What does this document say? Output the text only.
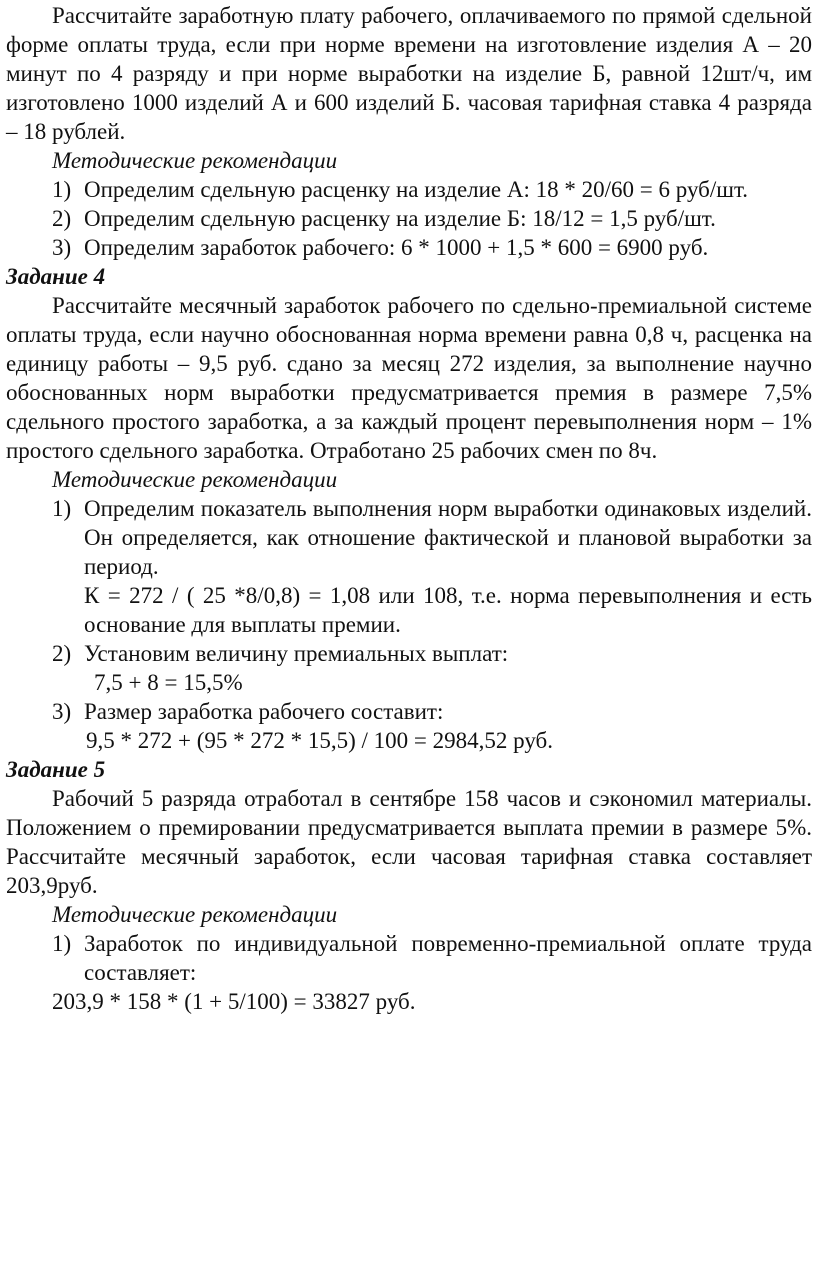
Рассчитайте заработную плату рабочего, оплачиваемого по прямой сдельной форме оплаты труда, если при норме времени на изготовление изделия А – 20 минут по 4 разряду и при норме выработки на изделие Б, равной 12шт/ч, им изготовлено 1000 изделий А и 600 изделий Б. часовая тарифная ставка 4 разряда – 18 рублей.

Методические рекомендации

1) Определим сдельную расценку на изделие А: 18 * 20/60 = 6 руб/шт.
2) Определим сдельную расценку на изделие Б: 18/12 = 1,5 руб/шт.
3) Определим заработок рабочего: 6 * 1000 + 1,5 * 600 = 6900 руб.

Задание 4

Рассчитайте месячный заработок рабочего по сдельно-премиальной системе оплаты труда, если научно обоснованная норма времени равна 0,8 ч, расценка на единицу работы – 9,5 руб. сдано за месяц 272 изделия, за выполнение научно обоснованных норм выработки предусматривается премия в размере 7,5% сдельного простого заработка, а за каждый процент перевыполнения норм – 1% простого сдельного заработка. Отработано 25 рабочих смен по 8ч.

Методические рекомендации

1) Определим показатель выполнения норм выработки одинаковых изделий. Он определяется, как отношение фактической и плановой выработки за период.

К = 272 / ( 25 *8/0,8) = 1,08 или 108, т.е. норма перевыполнения и есть основание для выплаты премии.

2) Установим величину премиальных выплат:

7,5 + 8 = 15,5%

3) Размер заработка рабочего составит:

9,5 * 272 + (95 * 272 * 15,5) / 100 = 2984,52 руб.

Задание 5

Рабочий 5 разряда отработал в сентябре 158 часов и сэкономил материалы. Положением о премировании предусматривается выплата премии в размере 5%. Рассчитайте месячный заработок, если часовая тарифная ставка составляет 203,9руб.

Методические рекомендации

1) Заработок по индивидуальной повременно-премиальной оплате труда составляет:

203,9 * 158 * (1 + 5/100) = 33827 руб.
